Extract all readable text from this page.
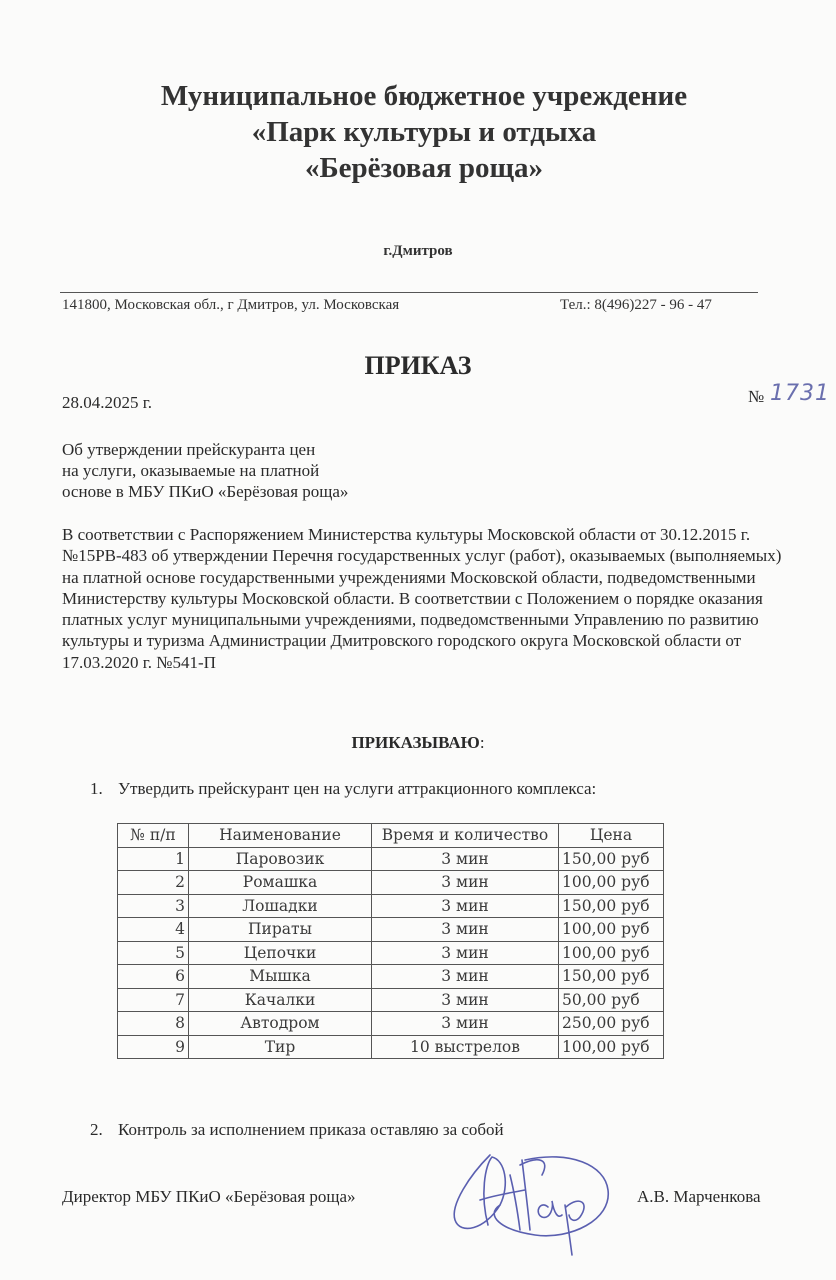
Муниципальное бюджетное учреждение
«Парк культуры и отдыха
«Берёзовая роща»
г.Дмитров
141800, Московская обл., г Дмитров, ул. Московская	Тел.: 8(496)227 - 96 - 47
ПРИКАЗ
28.04.2025 г.	№ 1731
Об утверждении прейскуранта цен
на услуги, оказываемые на платной
основе в МБУ ПКиО «Берёзовая роща»
В соответствии с Распоряжением Министерства культуры Московской области от 30.12.2015 г. №15РВ-483 об утверждении Перечня государственных услуг (работ), оказываемых (выполняемых) на платной основе государственными учреждениями Московской области, подведомственными Министерству культуры Московской области. В соответствии с Положением о порядке оказания платных услуг муниципальными учреждениями, подведомственными Управлению по развитию культуры и туризма Администрации Дмитровского городского округа Московской области от 17.03.2020 г. №541-П
ПРИКАЗЫВАЮ:
1. Утвердить прейскурант цен на услуги аттракционного комплекса:
№ п/п	Наименование	Время и количество	Цена
1	Паровозик	3 мин	150,00 руб
2	Ромашка	3 мин	100,00 руб
3	Лошадки	3 мин	150,00 руб
4	Пираты	3 мин	100,00 руб
5	Цепочки	3 мин	100,00 руб
6	Мышка	3 мин	150,00 руб
7	Качалки	3 мин	50,00 руб
8	Автодром	3 мин	250,00 руб
9	Тир	10 выстрелов	100,00 руб
2. Контроль за исполнением приказа оставляю за собой
Директор МБУ ПКиО «Берёзовая роща»	А.В. Марченкова
